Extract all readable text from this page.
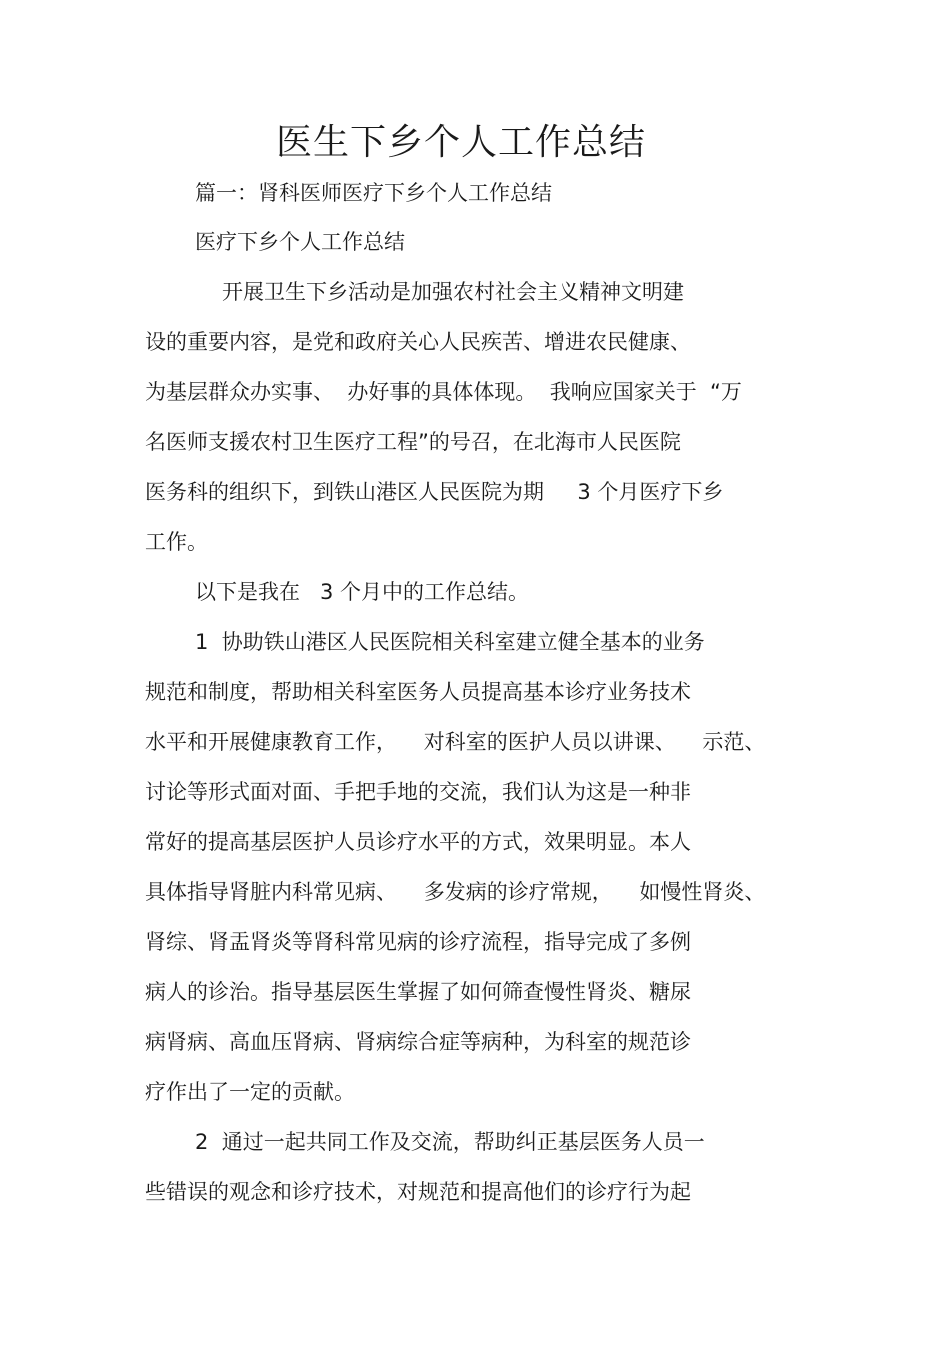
医生下乡个人工作总结
篇一：肾科医师医疗下乡个人工作总结
医疗下乡个人工作总结
开展卫生下乡活动是加强农村社会主义精神文明建
设的重要内容，是党和政府关心人民疾苦、增进农民健康、
为基层群众办实事、  办好事的具体体现。  我响应国家关于  “万
名医师支援农村卫生医疗工程”的号召，在北海市人民医院
医务科的组织下，到铁山港区人民医院为期     3 个月医疗下乡
工作。
以下是我在   3 个月中的工作总结。
1  协助铁山港区人民医院相关科室建立健全基本的业务
规范和制度，帮助相关科室医务人员提高基本诊疗业务技术
水平和开展健康教育工作，    对科室的医护人员以讲课、    示范、
讨论等形式面对面、手把手地的交流，我们认为这是一种非
常好的提高基层医护人员诊疗水平的方式，效果明显。本人
具体指导肾脏内科常见病、    多发病的诊疗常规，    如慢性肾炎、
肾综、肾盂肾炎等肾科常见病的诊疗流程，指导完成了多例
病人的诊治。指导基层医生掌握了如何筛查慢性肾炎、糖尿
病肾病、高血压肾病、肾病综合症等病种，为科室的规范诊
疗作出了一定的贡献。
2  通过一起共同工作及交流，帮助纠正基层医务人员一
些错误的观念和诊疗技术，对规范和提高他们的诊疗行为起
